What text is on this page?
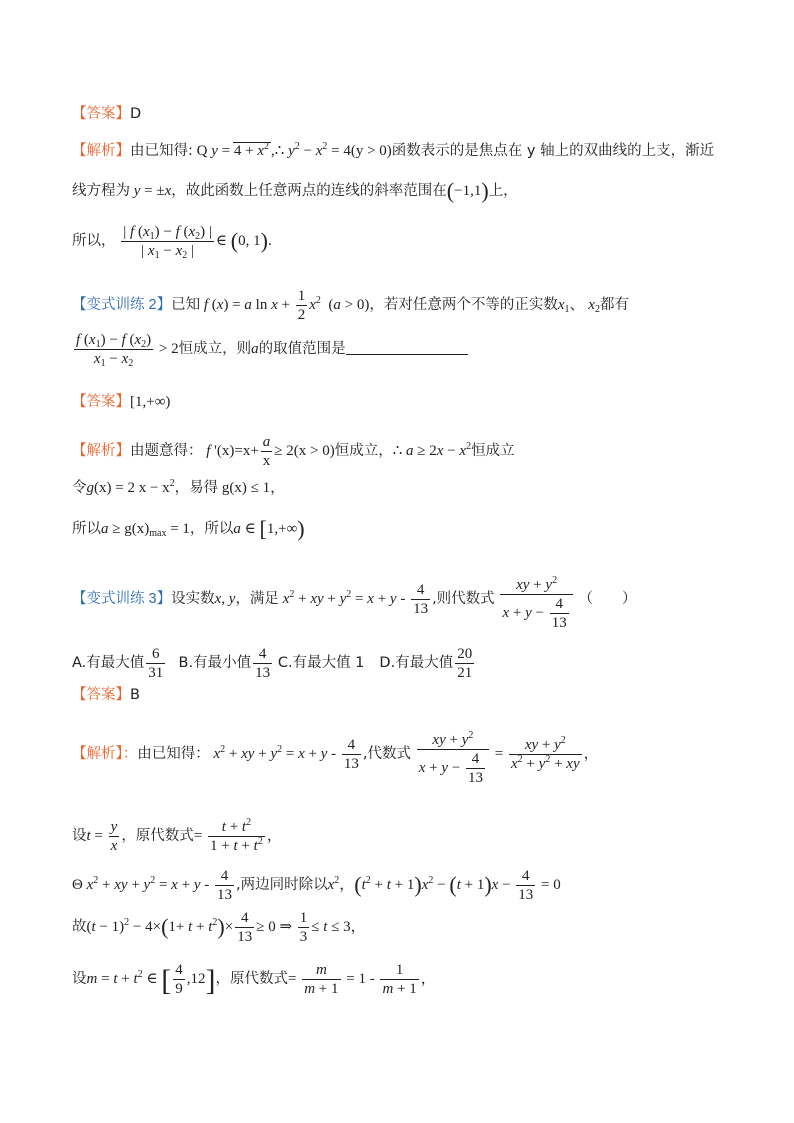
【答案】D
【解析】由已知得: Q $y = 4 + x^2$ ,∴ $y^2 - x^2 = 4(y > 0)$函数表示的是焦点在 y 轴上的双曲线的上支，渐近
线方程为 y = ±x，故此函数上任意两点的连线的斜率范围在(−1,1)上，
所以， $\frac{| f (x_1) - f (x_2) |}{| x_1 - x_2 |}$ ∈ (0, 1).
【变式训练 2】已知 f (x) = a $\ln x + \frac{1}{2} x^2$  (a > 0)，若对任意两个不等的正实数$x_1$、 $x_2$都有
$\frac{f (x_1) - f (x_2)}{x_1 - x_2} > 2$恒成立，则a的取值范围是
【答案】[1,+∞)
【解析】由题意得： f '$(x)=x+ \frac{a}{x} \ge 2(x > 0)$恒成立，∴ $a \ge 2x - x^2$恒成立
令g(x) = 2 $x - x^2$，易得 g(x) ≤ 1，
所以$a \ge g(x)_{max} = 1$，所以a ∈ [1,+∞)
【变式训练 3】设实数x, y，满足 $x^2$ + xy + $y^2 = x + y - \frac{4}{13}$ ,则代数式 $\frac{xy + y^2}{x + y - \frac{4}{13}}$ （　　）
A.有最大值 $\frac{6}{31} B$.有最小值 $\frac{4}{13} C$.有最大值 1 D.有最大值 $\frac{20}{21}$
【答案】B
【解析】：由已知得： $x^2$ + xy + $y^2 = x + y - \frac{4}{13}$ ,代数式 $\frac{xy + y^2}{x + y - \frac{4}{13}} = \frac{xy + y^2}{x^2 + y^2 + xy}$ ，
设$t = \frac{y}{x}$ ，原代数式= $\frac{t + t^2}{1 + t + t^2}$ ，
Θ $x^2$ + xy + $y^2 = x + y - \frac{4}{13}$ ,两边同时除以$x^2$，$(t^2 + t + 1)x^2 - (t + 1)x - \frac{4}{13} = 0$
故$(t - 1)^2 - 4\times(1+ t + t^2)\times \frac{4}{13} \ge 0$ ⇒ $\frac{1}{3} \le t \le 3$，
设$m = t + t^2$ ∈ [ $\frac{4}{9} ,12$]，原代数式= $\frac{m}{m + 1} = 1 - \frac{1}{m + 1}$ ，
